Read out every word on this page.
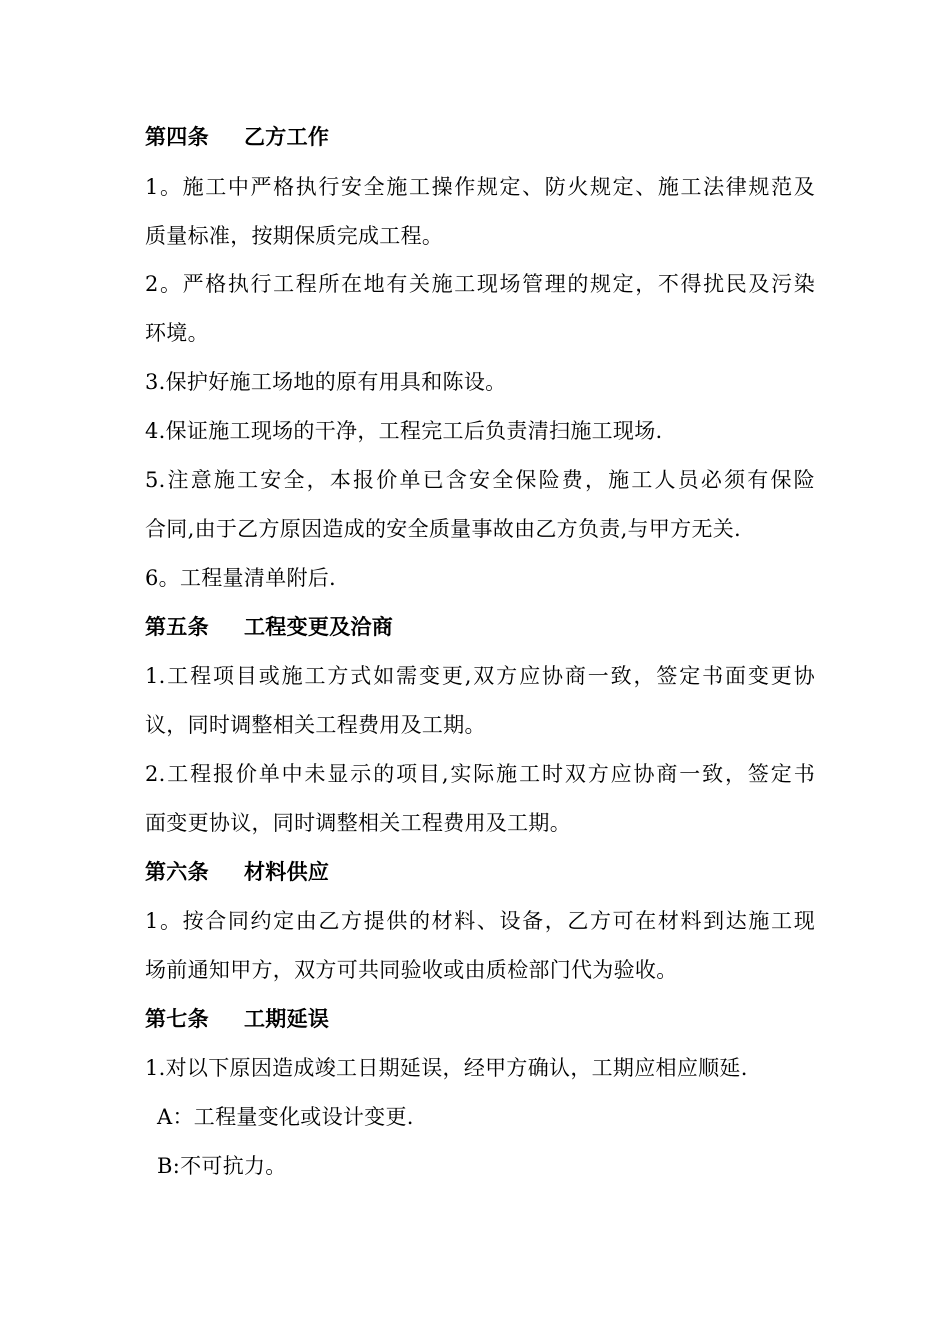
第四条 乙方工作
1。施工中严格执行安全施工操作规定、防火规定、施工法律规范及
质量标准，按期保质完成工程。
2。严格执行工程所在地有关施工现场管理的规定，不得扰民及污染
环境。
3.保护好施工场地的原有用具和陈设。
4.保证施工现场的干净，工程完工后负责清扫施工现场.
5.注意施工安全，本报价单已含安全保险费，施工人员必须有保险
合同,由于乙方原因造成的安全质量事故由乙方负责,与甲方无关.
6。工程量清单附后.
第五条 工程变更及洽商
1.工程项目或施工方式如需变更,双方应协商一致，签定书面变更协
议，同时调整相关工程费用及工期。
2.工程报价单中未显示的项目,实际施工时双方应协商一致，签定书
面变更协议，同时调整相关工程费用及工期。
第六条 材料供应
1。按合同约定由乙方提供的材料、设备，乙方可在材料到达施工现
场前通知甲方，双方可共同验收或由质检部门代为验收。
第七条 工期延误
1.对以下原因造成竣工日期延误，经甲方确认，工期应相应顺延.
A：工程量变化或设计变更.
B:不可抗力。
